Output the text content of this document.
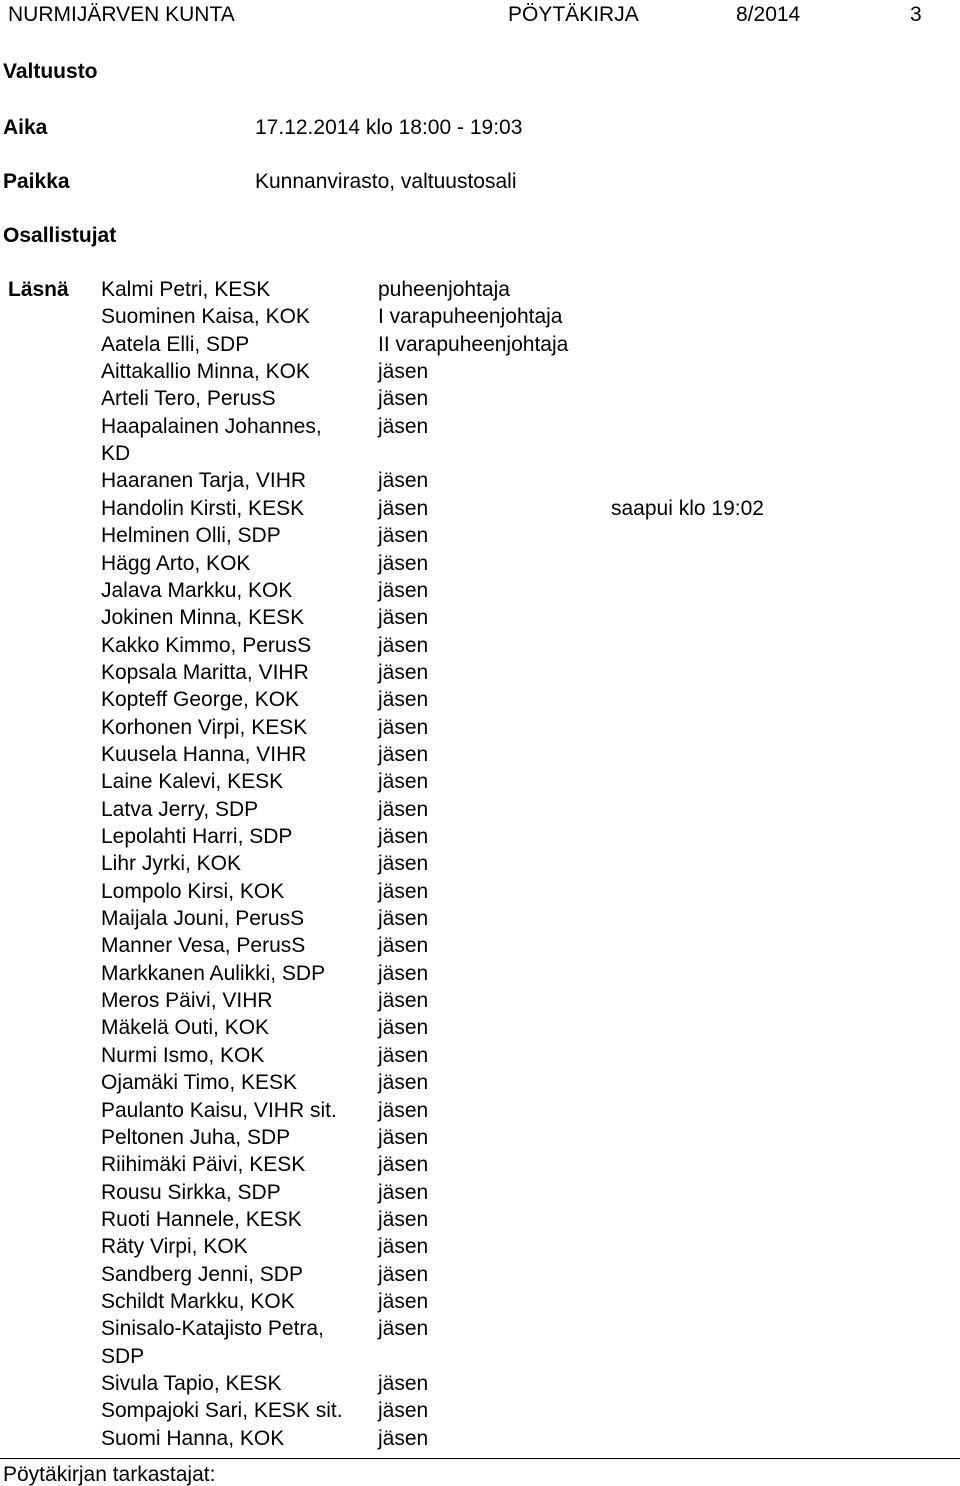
NURMIJÄRVEN KUNTA	PÖYTÄKIRJA	8/2014	3
Valtuusto
Aika	17.12.2014 klo 18:00 - 19:03
Paikka	Kunnanvirasto, valtuustosali
Osallistujat
Läsnä Kalmi Petri, KESK	puheenjohtaja
Suominen Kaisa, KOK	I varapuheenjohtaja
Aatela Elli, SDP	II varapuheenjohtaja
Aittakallio Minna, KOK	jäsen
Arteli Tero, PerusS	jäsen
Haapalainen Johannes,	jäsen
KD
Haaranen Tarja, VIHR	jäsen
Handolin Kirsti, KESK	jäsen	saapui klo 19:02
Helminen Olli, SDP	jäsen
Hägg Arto, KOK	jäsen
Jalava Markku, KOK	jäsen
Jokinen Minna, KESK	jäsen
Kakko Kimmo, PerusS	jäsen
Kopsala Maritta, VIHR	jäsen
Kopteff George, KOK	jäsen
Korhonen Virpi, KESK	jäsen
Kuusela Hanna, VIHR	jäsen
Laine Kalevi, KESK	jäsen
Latva Jerry, SDP	jäsen
Lepolahti Harri, SDP	jäsen
Lihr Jyrki, KOK	jäsen
Lompolo Kirsi, KOK	jäsen
Maijala Jouni, PerusS	jäsen
Manner Vesa, PerusS	jäsen
Markkanen Aulikki, SDP	jäsen
Meros Päivi, VIHR	jäsen
Mäkelä Outi, KOK	jäsen
Nurmi Ismo, KOK	jäsen
Ojamäki Timo, KESK	jäsen
Paulanto Kaisu, VIHR sit. jäsen
Peltonen Juha, SDP	jäsen
Riihimäki Päivi, KESK	jäsen
Rousu Sirkka, SDP	jäsen
Ruoti Hannele, KESK	jäsen
Räty Virpi, KOK	jäsen
Sandberg Jenni, SDP	jäsen
Schildt Markku, KOK	jäsen
Sinisalo-Katajisto Petra,	jäsen
SDP
Sivula Tapio, KESK	jäsen
Sompajoki Sari, KESK sit. jäsen
Suomi Hanna, KOK	jäsen
Pöytäkirjan tarkastajat:
